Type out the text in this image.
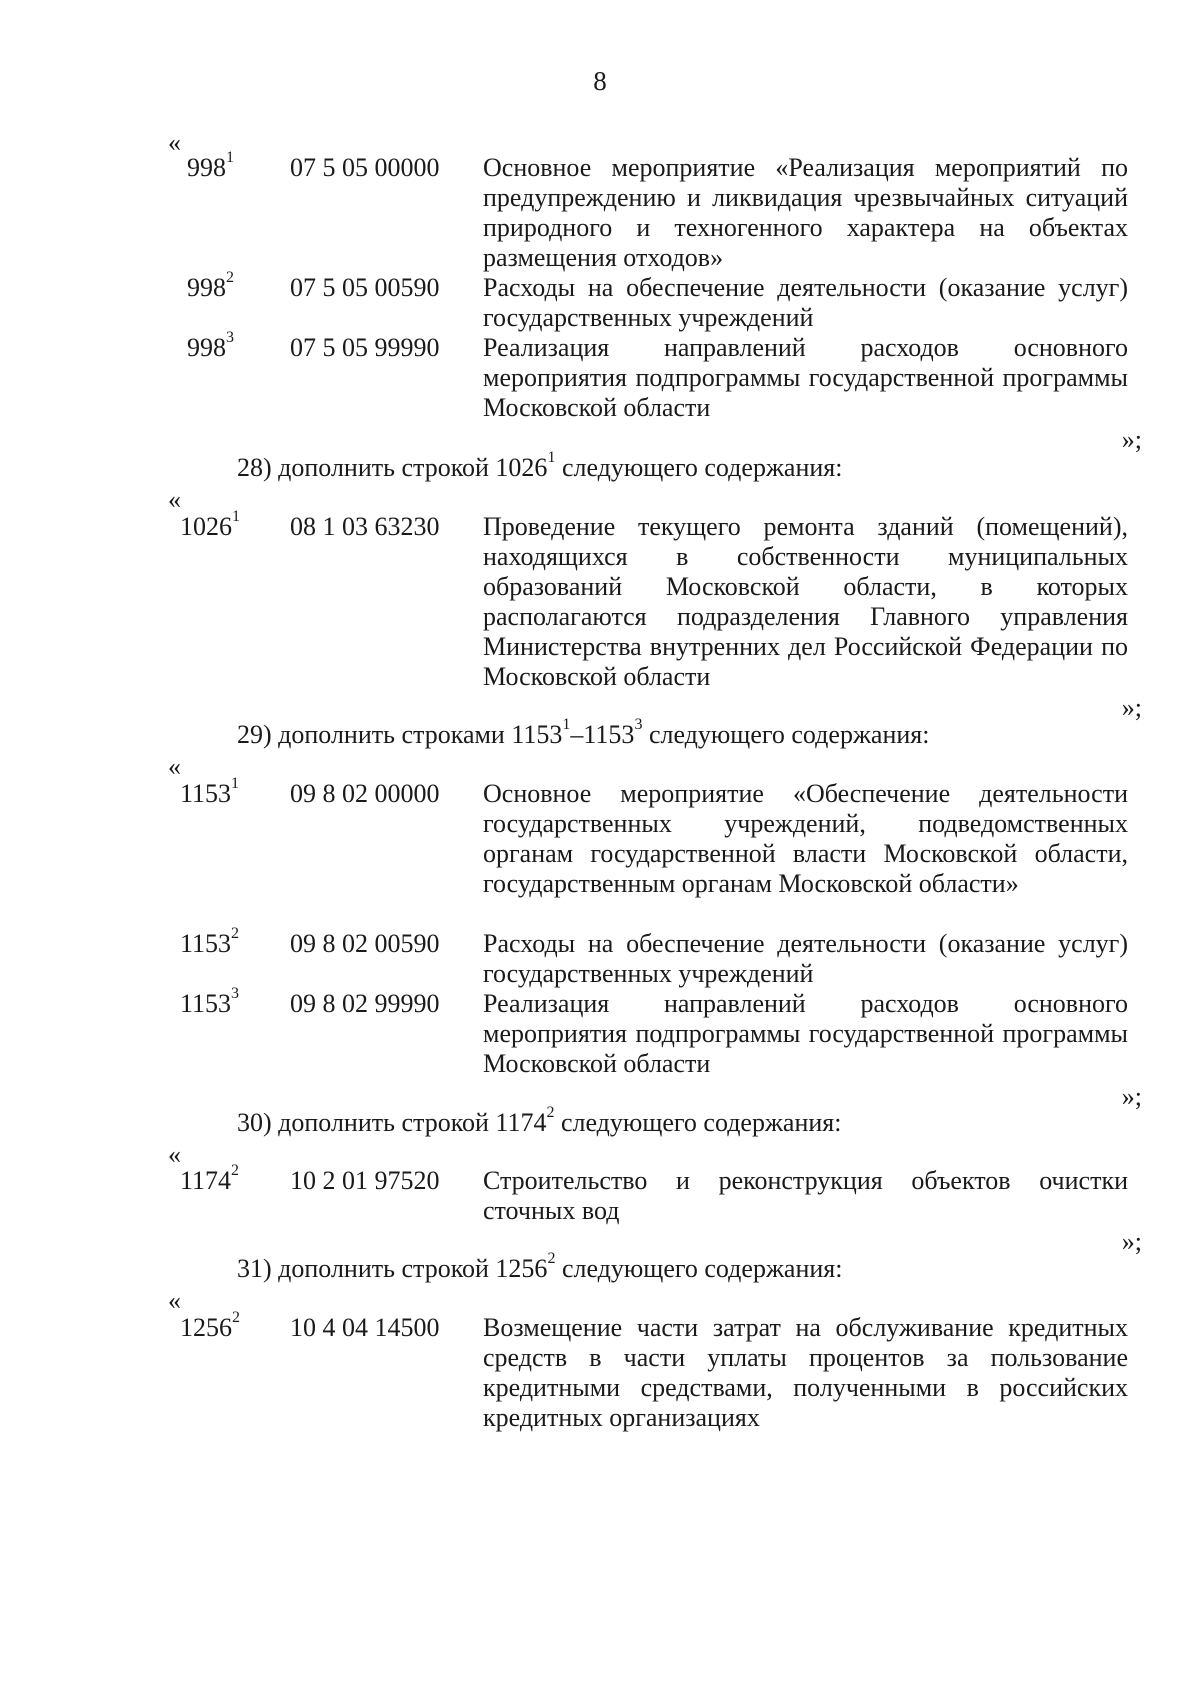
8
«
$998^1$ 07 5 05 00000 Основное мероприятие «Реализация мероприятий по предупреждению и ликвидация чрезвычайных ситуаций природного и техногенного характера на объектах размещения отходов»
$998^2$ 07 5 05 00590 Расходы на обеспечение деятельности (оказание услуг) государственных учреждений
$998^3$ 07 5 05 99990 Реализация направлений расходов основного мероприятия подпрограммы государственной программы Московской области
»;
28) дополнить строкой 1026$^1$ следующего содержания:
«
1026$^1$ 08 1 03 63230 Проведение текущего ремонта зданий (помещений), находящихся в собственности муниципальных образований Московской области, в которых располагаются подразделения Главного управления Министерства внутренних дел Российской Федерации по Московской области
»;
29) дополнить строками 1153$^1$–1153$^3$ следующего содержания:
«
1153$^1$ 09 8 02 00000 Основное мероприятие «Обеспечение деятельности государственных учреждений, подведомственных органам государственной власти Московской области, государственным органам Московской области»
1153$^2$ 09 8 02 00590 Расходы на обеспечение деятельности (оказание услуг) государственных учреждений
1153$^3$ 09 8 02 99990 Реализация направлений расходов основного мероприятия подпрограммы государственной программы Московской области
»;
30) дополнить строкой 1174$^2$ следующего содержания:
«
1174$^2$ 10 2 01 97520 Строительство и реконструкция объектов очистки сточных вод
»;
31) дополнить строкой 1256$^2$ следующего содержания:
«
1256$^2$ 10 4 04 14500 Возмещение части затрат на обслуживание кредитных средств в части уплаты процентов за пользование кредитными средствами, полученными в российских кредитных организациях
